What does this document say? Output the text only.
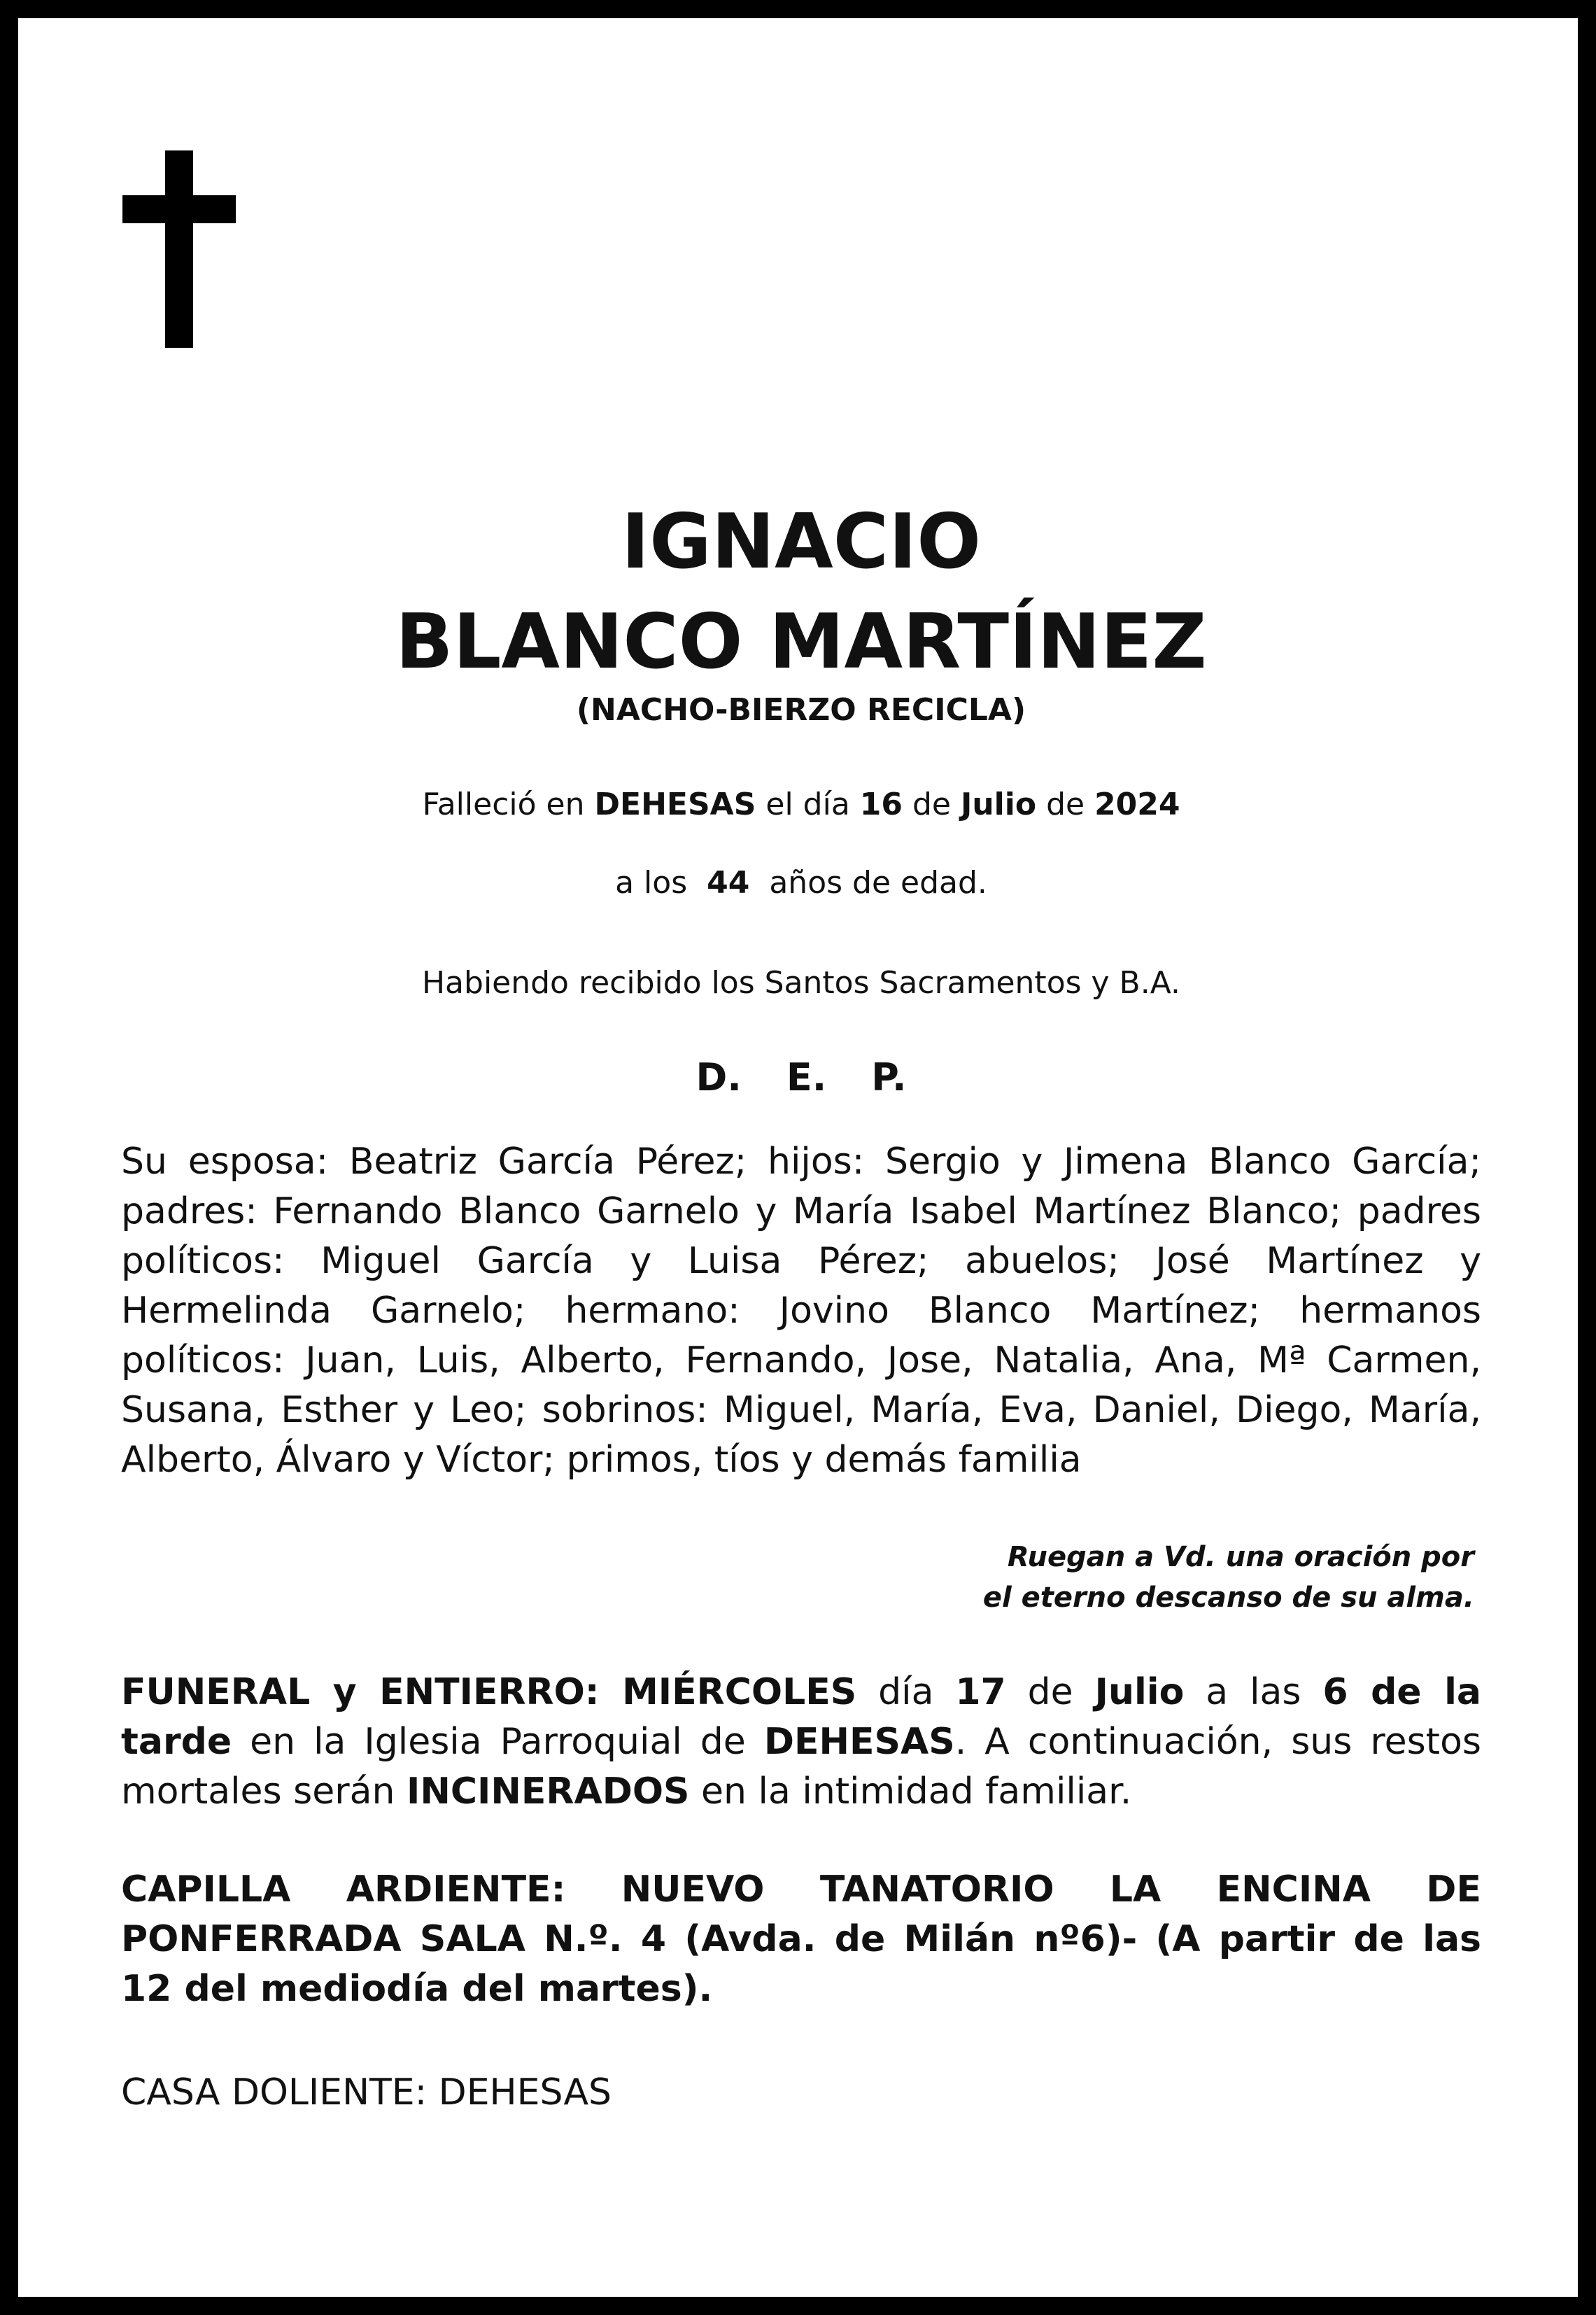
IGNACIO
BLANCO MARTÍNEZ
(NACHO-BIERZO RECICLA)
Falleció en DEHESAS el día 16 de Julio de 2024
a los 44 años de edad.
Habiendo recibido los Santos Sacramentos y B.A.
D. E. P.
Su esposa: Beatriz García Pérez; hijos: Sergio y Jimena Blanco García; padres: Fernando Blanco Garnelo y María Isabel Martínez Blanco; padres políticos: Miguel García y Luisa Pérez; abuelos; José Martínez y Hermelinda Garnelo; hermano: Jovino Blanco Martínez; hermanos políticos: Juan, Luis, Alberto, Fernando, Jose, Natalia, Ana, Mª Carmen, Susana, Esther y Leo; sobrinos: Miguel, María, Eva, Daniel, Diego, María, Alberto, Álvaro y Víctor; primos, tíos y demás familia
Ruegan a Vd. una oración por
el eterno descanso de su alma.
FUNERAL y ENTIERRO: MIÉRCOLES día 17 de Julio a las 6 de la tarde en la Iglesia Parroquial de DEHESAS. A continuación, sus restos mortales serán INCINERADOS en la intimidad familiar.
CAPILLA ARDIENTE: NUEVO TANATORIO LA ENCINA DE PONFERRADA SALA N.º. 4 (Avda. de Milán nº6)- (A partir de las 12 del mediodía del martes).
CASA DOLIENTE: DEHESAS
